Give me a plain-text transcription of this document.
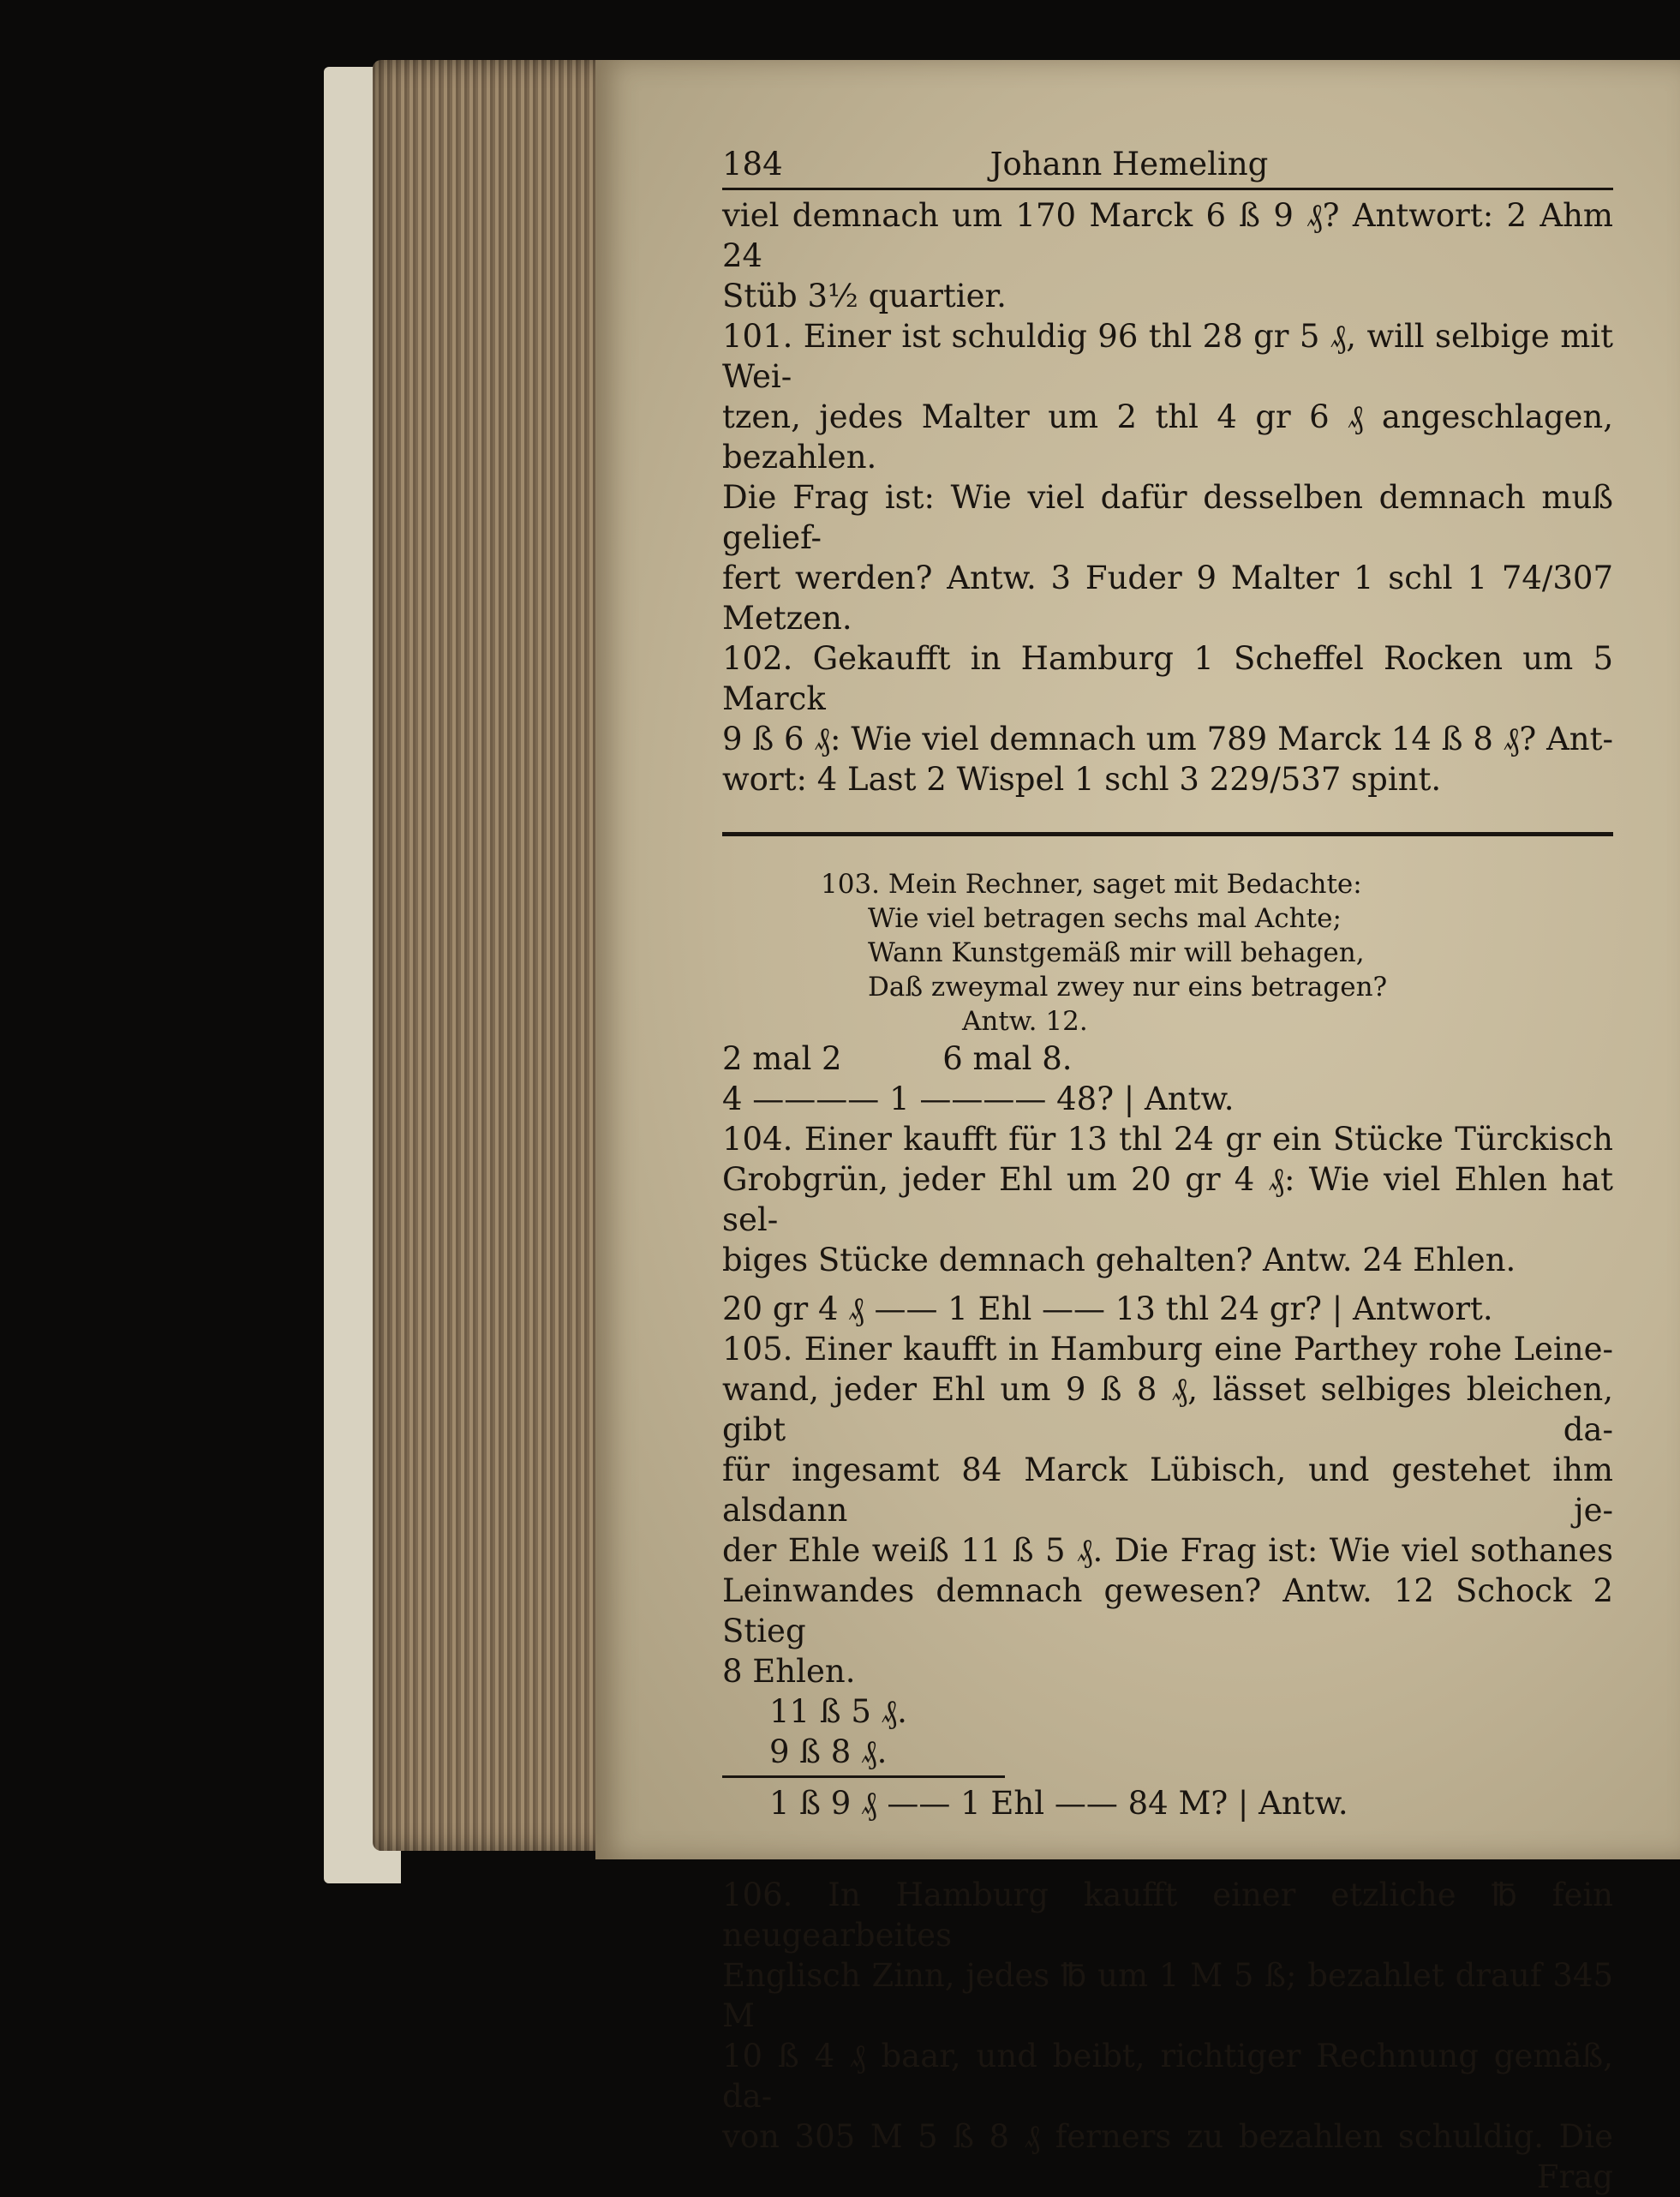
184	Johann Hemeling

viel demnach um 170 Marck 6 ß 9 ₰? Antwort: 2 Ahm 24

Stüb 3½ quartier.

101. Einer ist schuldig 96 thl 28 gr 5 ₰, will selbige mit Wei-

tzen, jedes Malter um 2 thl 4 gr 6 ₰ angeschlagen, bezahlen.

Die Frag ist: Wie viel dafür desselben demnach muß gelief-

fert werden? Antw. 3 Fuder 9 Malter 1 schl 1 74/307 Metzen.

102. Gekaufft in Hamburg 1 Scheffel Rocken um 5 Marck

9 ß 6 ₰: Wie viel demnach um 789 Marck 14 ß 8 ₰? Ant-

wort: 4 Last 2 Wispel 1 schl 3 229/537 spint.

103. Mein Rechner, saget mit Bedachte:

Wie viel betragen sechs mal Achte;

Wann Kunstgemäß mir will behagen,

Daß zweymal zwey nur eins betragen?

Antw. 12.

2 mal 2          6 mal 8.

4 ———— 1 ———— 48? | Antw.

104. Einer kaufft für 13 thl 24 gr ein Stücke Türckisch

Grobgrün, jeder Ehl um 20 gr 4 ₰: Wie viel Ehlen hat sel-

biges Stücke demnach gehalten? Antw. 24 Ehlen.

20 gr 4 ₰ —— 1 Ehl —— 13 thl 24 gr? | Antwort.

105. Einer kaufft in Hamburg eine Parthey rohe Leine-

wand, jeder Ehl um 9 ß 8 ₰, lässet selbiges bleichen, gibt da-

für ingesamt 84 Marck Lübisch, und gestehet ihm alsdann je-

der Ehle weiß 11 ß 5 ₰. Die Frag ist: Wie viel sothanes

Leinwandes demnach gewesen? Antw. 12 Schock 2 Stieg

8 Ehlen.

11 ß 5 ₰.

9 ß 8 ₰.

1 ß 9 ₰ —— 1 Ehl —— 84 M? | Antw.

106. In Hamburg kaufft einer etzliche ℔ fein neugearbeites

Englisch Zinn, jedes ℔ um 1 M 5 ß; bezahlet drauf 345 M

10 ß 4 ₰ baar, und beibt, richtiger Rechnung gemäß, da-

von 305 M 5 ß 8 ₰ ferners zu bezahlen schuldig. Die

Frag
